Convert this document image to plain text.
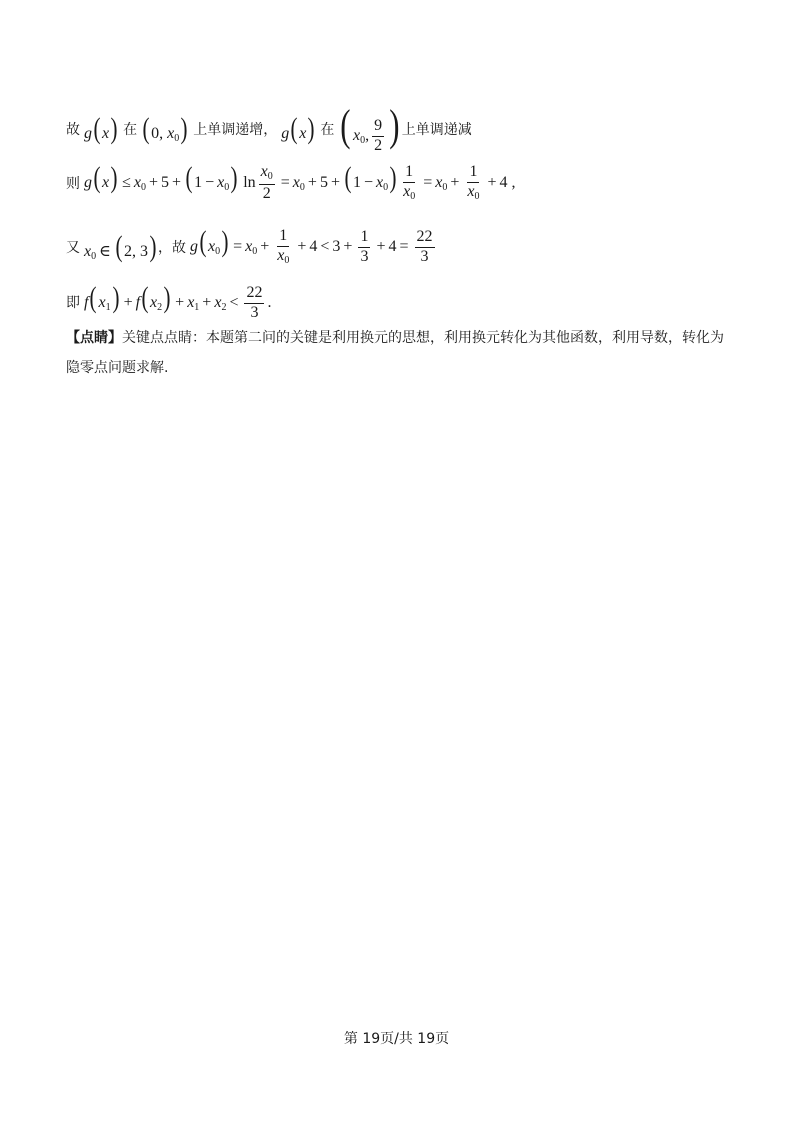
故 g(x) 在 (0, $x_0$) 上单调递增， g(x) 在 ( $x_0$, $\frac{9}{2}$ ) 上单调递减
则 $g(x) \le x_0 + 5 + (1 - x_0)$ $\ln \frac{x_0}{2} = x_0 + 5 + (1 - x_0) \frac{1}{x_0} = x_0 + \frac{1}{x_0} + 4$ ,
又 $x_0$ ∈ (2, 3) ，故 $g(x_0) = x_0 + \frac{1}{x_0} + 4 < 3 + \frac{1}{3} + 4 = \frac{22}{3}$
即 $f(x_1) + f(x_2) + x_1 + x_2 < \frac{22}{3}$ .
【点睛】关键点点睛：本题第二问的关键是利用换元的思想，利用换元转化为其他函数，利用导数，转化为隐零点问题求解.
第 19页/共 19页
